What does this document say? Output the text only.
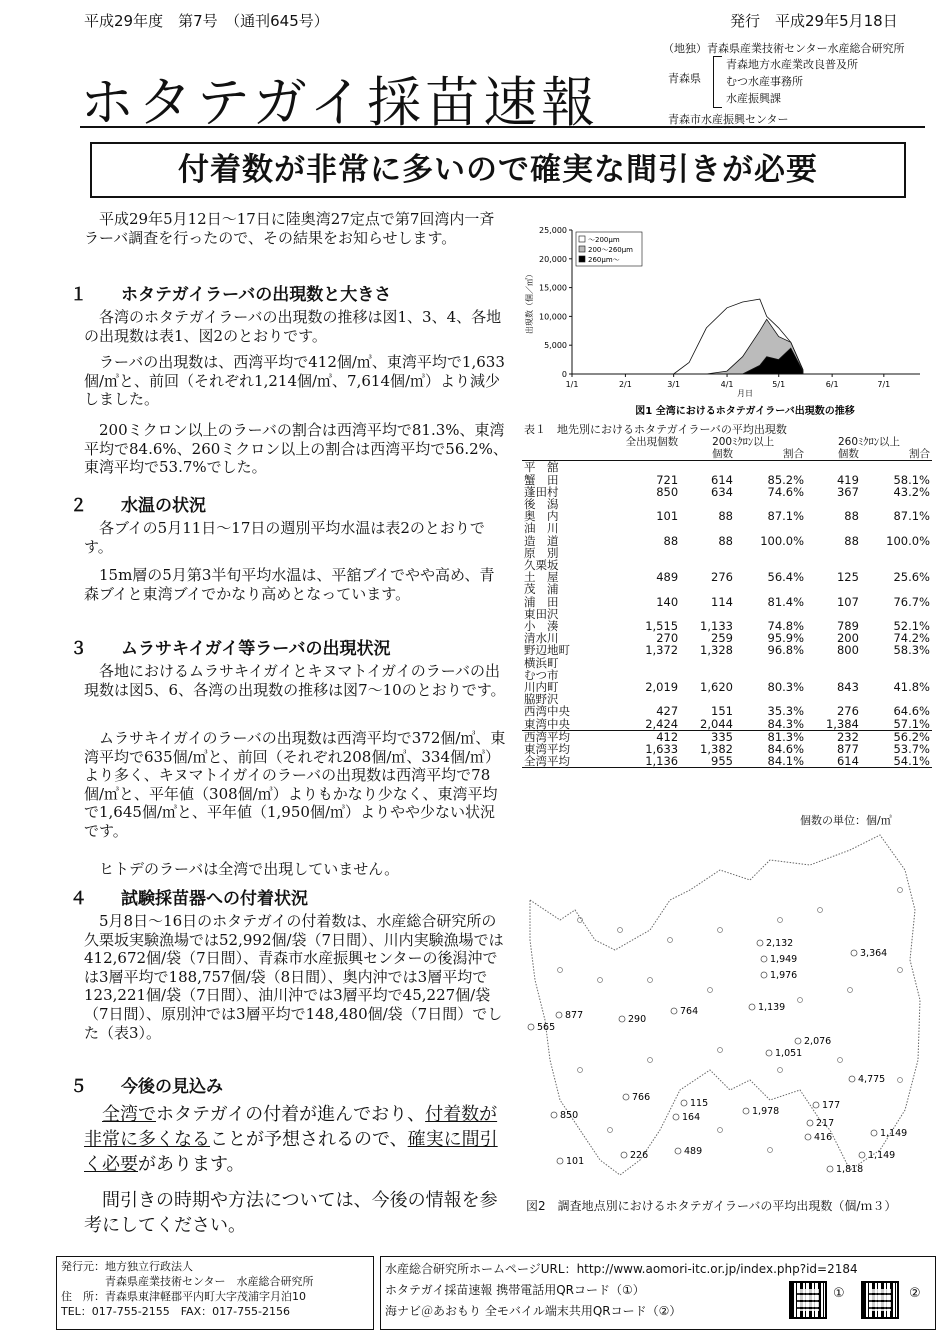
平成29年度　第7号　（通刊645号）	発行　平成29年5月18日
ホタテガイ採苗速報
（地独）青森県産業技術センター水産総合研究所
青森県
青森地方水産業改良普及所
むつ水産事務所
水産振興課
青森市水産振興センター
付着数が非常に多いので確実な間引きが必要
平成29年5月12日～17日に陸奥湾27定点で第7回湾内一斉ラーバ調査を行ったので、その結果をお知らせします。
１　　ホタテガイラーバの出現数と大きさ
各湾のホタテガイラーバの出現数の推移は図1、3、4、各地の出現数は表1、図2のとおりです。
ラーバの出現数は、西湾平均で412個/㎥、東湾平均で1,633個/㎥と、前回（それぞれ1,214個/㎥、7,614個/㎥）より減少しました。
200ミクロン以上のラーバの割合は西湾平均で81.3%、東湾平均で84.6%、260ミクロン以上の割合は西湾平均で56.2%、東湾平均で53.7%でした。
２　　水温の状況
各ブイの5月11日～17日の週別平均水温は表2のとおりです。
15m層の5月第3半旬平均水温は、平舘ブイでやや高め、青森ブイと東湾ブイでかなり高めとなっています。
３　　ムラサキイガイ等ラーバの出現状況
各地におけるムラサキイガイとキヌマトイガイのラーバの出現数は図5、6、各湾の出現数の推移は図7～10のとおりです。
ムラサキイガイのラーバの出現数は西湾平均で372個/㎥、東湾平均で635個/㎥と、前回（それぞれ208個/㎥、334個/㎥）より多く、キヌマトイガイのラーバの出現数は西湾平均で78個/㎥と、平年値（308個/㎥）よりもかなり少なく、東湾平均で1,645個/㎥と、平年値（1,950個/㎥）よりやや少ない状況です。
ヒトデのラーバは全湾で出現していません。
４　　試験採苗器への付着状況
5月8日～16日のホタテガイの付着数は、水産総合研究所の久栗坂実験漁場では52,992個/袋（7日間）、川内実験漁場では412,672個/袋（7日間）、青森市水産振興センターの後潟沖では3層平均で188,757個/袋（8日間）、奥内沖では3層平均で123,221個/袋（7日間）、油川沖では3層平均で45,227個/袋（7日間）、原別沖では3層平均で148,480個/袋（7日間）でした（表3）。
５　　今後の見込み
全湾でホタテガイの付着が進んでおり、付着数が非常に多くなることが予想されるので、確実に間引く必要があります。
間引きの時期や方法については、今後の情報を参考にしてください。
0
5,000
10,000
15,000
20,000
25,000
1/1	2/1	3/1	4/1	5/1	6/1	7/1
月日
出現数（個／㎥）
図1 全湾におけるホタテガイラーバ出現数の推移
～200μm
200～260μm
260μm～
表１　地先別におけるホタテガイラーバの平均出現数
	全出現個数	200ﾐｸﾛﾝ以上		260ﾐｸﾛﾝ以上	
		個数	割合	個数	割合
平　舘					
蟹　田	721	614	85.2%	419	58.1%
蓬田村	850	634	74.6%	367	43.2%
後　潟					
奥　内	101	88	87.1%	88	87.1%
油　川					
造　道	88	88	100.0%	88	100.0%
原　別					
久栗坂					
土　屋	489	276	56.4%	125	25.6%
茂　浦					
浦　田	140	114	81.4%	107	76.7%
東田沢					
小　湊	1,515	1,133	74.8%	789	52.1%
清水川	270	259	95.9%	200	74.2%
野辺地町	1,372	1,328	96.8%	800	58.3%
横浜町					
むつ市					
川内町	2,019	1,620	80.3%	843	41.8%
脇野沢					
西湾中央	427	151	35.3%	276	64.6%
東湾中央	2,424	2,044	84.3%	1,384	57.1%
西湾平均	412	335	81.3%	232	56.2%
東湾平均	1,633	1,382	84.6%	877	53.7%
全湾平均	1,136	955	84.1%	614	54.1%
個数の単位：個/㎥
2,132
1,949
1,976
3,364
877
565
764	1,139
2,076
290
4,775
1,051
766
115
1,978
177
850	164
217
1,149
416
101
226	489	1,149
1,818
図2　調査地点別におけるホタテガイラーバの平均出現数（個/ｍ３）
発行元：地方独立行政法人
青森県産業技術センター　水産総合研究所
住　所：青森県東津軽郡平内町大字茂浦字月泊10
TEL：017-755-2155　FAX：017-755-2156
水産総合研究所ホームページURL：http://www.aomori-itc.or.jp/index.php?id=2184
ホタテガイ採苗速報 携帯電話用QRコード（①）
海ナビ＠あおもり 全モバイル端末共用QRコード（②）
①	②
